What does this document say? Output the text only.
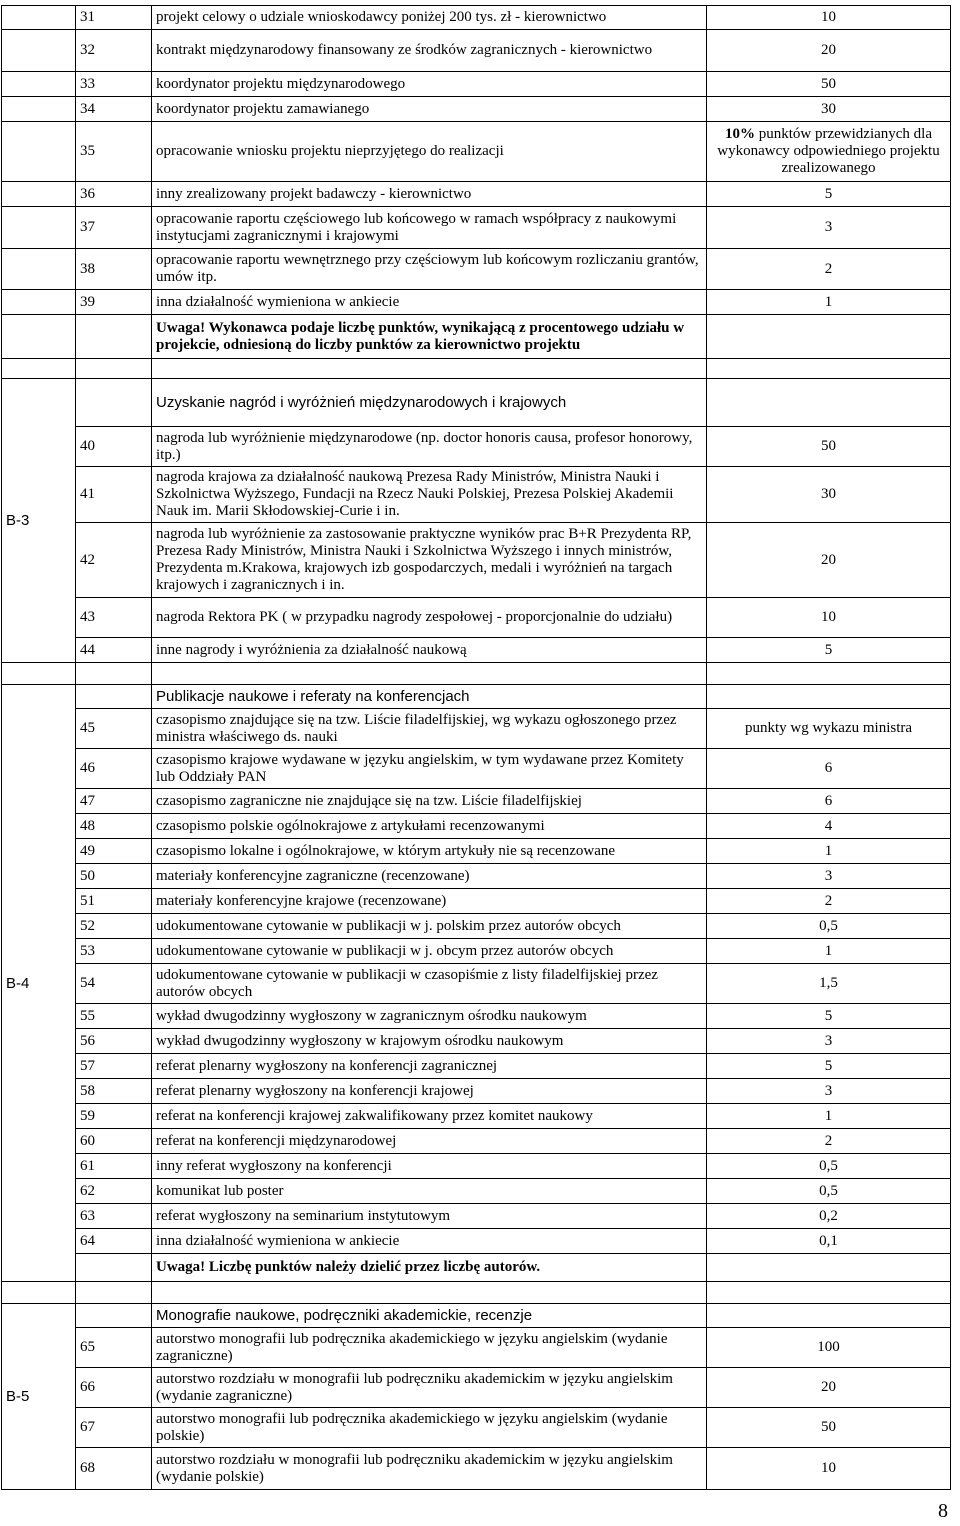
	31	projekt celowy o udziale wnioskodawcy poniżej 200 tys. zł - kierownictwo	10
	32	kontrakt międzynarodowy finansowany ze środków zagranicznych - kierownictwo	20
	33	koordynator projektu międzynarodowego	50
	34	koordynator projektu zamawianego	30
	35	opracowanie wniosku projektu nieprzyjętego do realizacji	10% punktów przewidzianych dla wykonawcy odpowiedniego projektu zrealizowanego
	36	inny zrealizowany projekt badawczy - kierownictwo	5
	37	opracowanie raportu częściowego lub końcowego w ramach współpracy z naukowymi instytucjami zagranicznymi i krajowymi	3
	38	opracowanie raportu wewnętrznego przy częściowym lub końcowym rozliczaniu grantów, umów itp.	2
	39	inna działalność wymieniona w ankiecie	1
		Uwaga! Wykonawca podaje liczbę punktów, wynikającą z procentowego udziału w projekcie, odniesioną do liczby punktów za kierownictwo projektu	

B-3		Uzyskanie nagród i wyróżnień międzynarodowych i krajowych	
	40	nagroda lub wyróżnienie międzynarodowe (np. doctor honoris causa, profesor honorowy, itp.)	50
	41	nagroda krajowa za działalność naukową Prezesa Rady Ministrów, Ministra Nauki i Szkolnictwa Wyższego, Fundacji na Rzecz Nauki Polskiej, Prezesa Polskiej Akademii Nauk im. Marii Skłodowskiej-Curie i in.	30
	42	nagroda lub wyróżnienie za zastosowanie praktyczne wyników prac B+R Prezydenta RP, Prezesa Rady Ministrów, Ministra Nauki i Szkolnictwa Wyższego i innych ministrów, Prezydenta m.Krakowa, krajowych izb gospodarczych, medali i wyróżnień na targach krajowych i zagranicznych i in.	20
	43	nagroda Rektora PK ( w przypadku nagrody zespołowej - proporcjonalnie do udziału)	10
	44	inne nagrody i wyróżnienia za działalność naukową	5

B-4		Publikacje naukowe i referaty na konferencjach	
	45	czasopismo znajdujące się na tzw. Liście filadelfijskiej, wg wykazu ogłoszonego przez ministra właściwego ds. nauki	punkty wg wykazu ministra
	46	czasopismo krajowe wydawane w języku angielskim, w tym wydawane przez Komitety lub Oddziały PAN	6
	47	czasopismo zagraniczne nie znajdujące się na tzw. Liście filadelfijskiej	6
	48	czasopismo polskie ogólnokrajowe z artykułami recenzowanymi	4
	49	czasopismo lokalne i ogólnokrajowe, w którym artykuły nie są recenzowane	1
	50	materiały konferencyjne zagraniczne (recenzowane)	3
	51	materiały konferencyjne krajowe (recenzowane)	2
	52	udokumentowane cytowanie w publikacji w j. polskim przez autorów obcych	0,5
	53	udokumentowane cytowanie w publikacji w j. obcym przez autorów obcych	1
	54	udokumentowane cytowanie w publikacji w czasopiśmie z listy filadelfijskiej przez autorów obcych	1,5
	55	wykład dwugodzinny wygłoszony w zagranicznym ośrodku naukowym	5
	56	wykład dwugodzinny wygłoszony w krajowym ośrodku naukowym	3
	57	referat plenarny wygłoszony na konferencji zagranicznej	5
	58	referat plenarny wygłoszony na konferencji krajowej	3
	59	referat na konferencji krajowej zakwalifikowany przez komitet naukowy	1
	60	referat na konferencji międzynarodowej	2
	61	inny referat wygłoszony na konferencji	0,5
	62	komunikat lub poster	0,5
	63	referat wygłoszony na seminarium instytutowym	0,2
	64	inna działalność wymieniona w ankiecie	0,1
		Uwaga! Liczbę punktów należy dzielić przez liczbę autorów.	

B-5		Monografie naukowe, podręczniki akademickie, recenzje	
	65	autorstwo monografii lub podręcznika akademickiego w języku angielskim (wydanie zagraniczne)	100
	66	autorstwo rozdziału w monografii lub podręczniku akademickim w języku angielskim (wydanie zagraniczne)	20
	67	autorstwo monografii lub podręcznika akademickiego w języku angielskim (wydanie polskie)	50
	68	autorstwo rozdziału w monografii lub podręczniku akademickim w języku angielskim (wydanie polskie)	10
8
